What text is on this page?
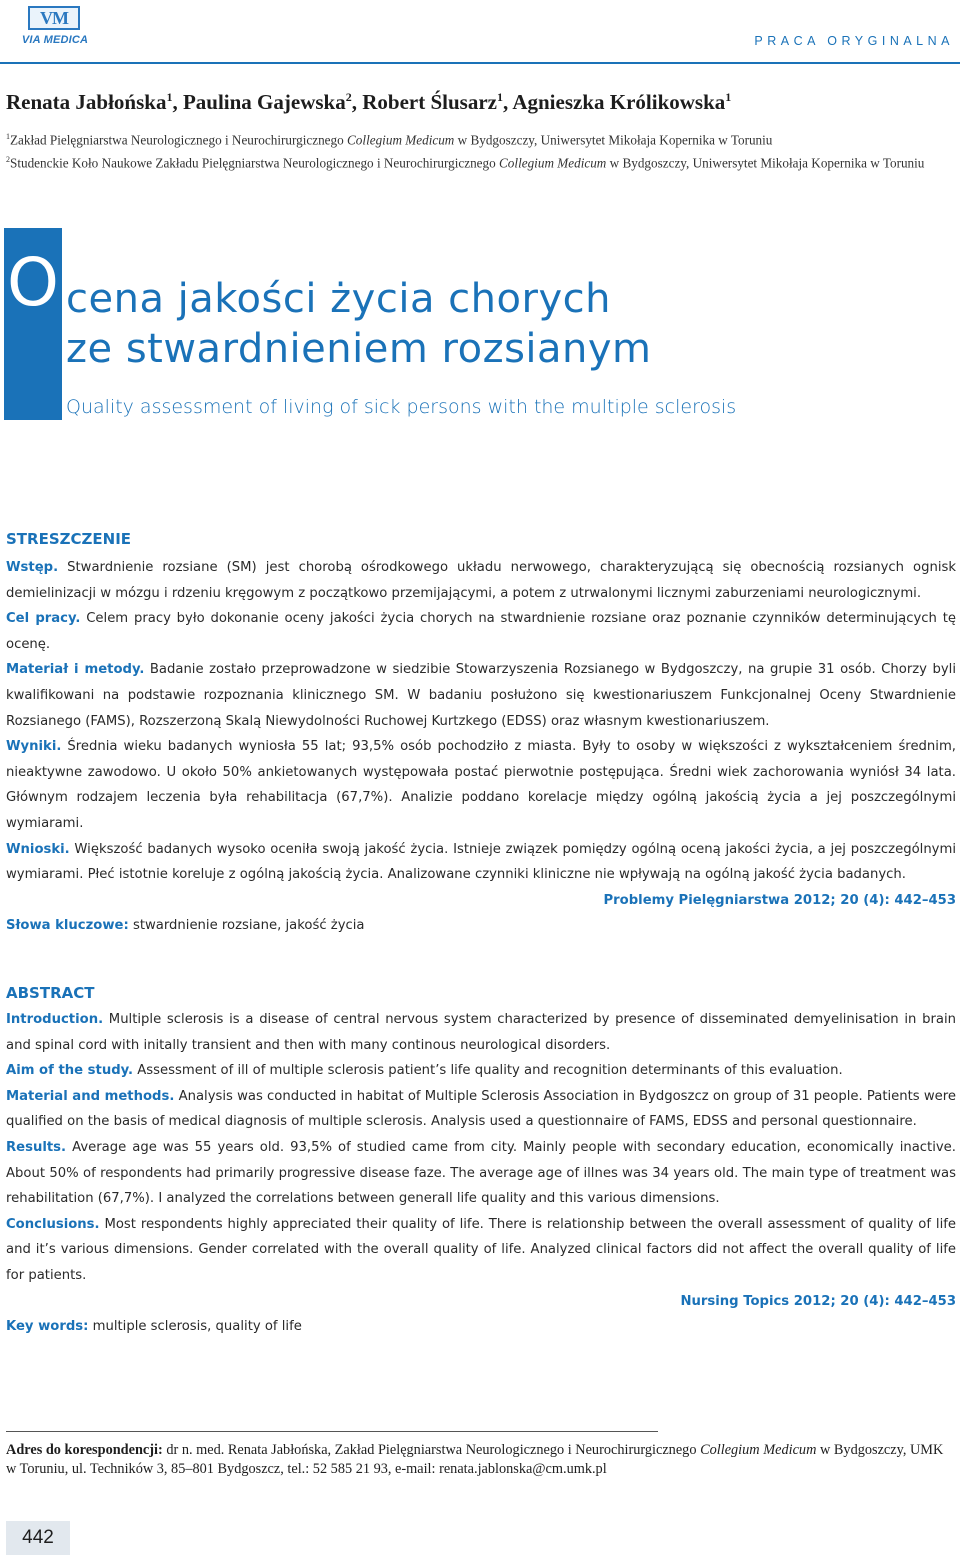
VM
VIA MEDICA	PRACA ORYGINALNA
Renata Jabłońska$^1$, Paulina Gajewska$^2$, Robert Ślusarz$^1$, Agnieszka Królikowska$^1$
$^1$Zakład Pielęgniarstwa Neurologicznego i Neurochirurgicznego Collegium Medicum w Bydgoszczy, Uniwersytet Mikołaja Kopernika w Toruniu
$^2$Studenckie Koło Naukowe Zakładu Pielęgniarstwa Neurologicznego i Neurochirurgicznego Collegium Medicum w Bydgoszczy, Uniwersytet Mikołaja Kopernika w Toruniu
O cena jakości życia chorych
ze stwardnieniem rozsianym
Quality assessment of living of sick persons with the multiple sclerosis
STRESZCZENIE

Wstęp. Stwardnienie rozsiane (SM) jest chorobą ośrodkowego układu nerwowego, charakteryzującą się obecnością rozsianych ognisk demielinizacji w mózgu i rdzeniu kręgowym z początkowo przemijającymi, a potem z utrwalonymi licznymi zaburzeniami neurologicznymi.

Cel pracy. Celem pracy było dokonanie oceny jakości życia chorych na stwardnienie rozsiane oraz poznanie czynników determinujących tę ocenę.

Materiał i metody. Badanie zostało przeprowadzone w siedzibie Stowarzyszenia Rozsianego w Bydgoszczy, na grupie 31 osób. Chorzy byli kwalifikowani na podstawie rozpoznania klinicznego SM. W badaniu posłużono się kwestionariuszem Funkcjonalnej Oceny Stwardnienie Rozsianego (FAMS), Rozszerzoną Skalą Niewydolności Ruchowej Kurtzkego (EDSS) oraz własnym kwestionariuszem.

Wyniki. Średnia wieku badanych wyniosła 55 lat; 93,5% osób pochodziło z miasta. Były to osoby w większości z wykształceniem średnim, nieaktywne zawodowo. U około 50% ankietowanych występowała postać pierwotnie postępująca. Średni wiek zachorowania wyniósł 34 lata. Głównym rodzajem leczenia była rehabilitacja (67,7%). Analizie poddano korelacje między ogólną jakością życia a jej poszczególnymi wymiarami.

Wnioski. Większość badanych wysoko oceniła swoją jakość życia. Istnieje związek pomiędzy ogólną oceną jakości życia, a jej poszczególnymi wymiarami. Płeć istotnie koreluje z ogólną jakością życia. Analizowane czynniki kliniczne nie wpływają na ogólną jakość życia badanych.

Problemy Pielęgniarstwa 2012; 20 (4): 442–453

Słowa kluczowe: stwardnienie rozsiane, jakość życia

ABSTRACT

Introduction. Multiple sclerosis is a disease of central nervous system characterized by presence of disseminated demyelinisation in brain and spinal cord with initally transient and then with many continous neurological disorders.

Aim of the study. Assessment of ill of multiple sclerosis patient’s life quality and recognition determinants of this evaluation.

Material and methods. Analysis was conducted in habitat of Multiple Sclerosis Association in Bydgoszcz on group of 31 people. Patients were qualified on the basis of medical diagnosis of multiple sclerosis. Analysis used a questionnaire of FAMS, EDSS and personal questionnaire.

Results. Average age was 55 years old. 93,5% of studied came from city. Mainly people with secondary education, economically inactive. About 50% of respondents had primarily progressive disease faze. The average age of illnes was 34 years old. The main type of treatment was rehabilitation (67,7%). I analyzed the correlations between generall life quality and this various dimensions.

Conclusions. Most respondents highly appreciated their quality of life. There is relationship between the overall assessment of quality of life and it’s various dimensions. Gender correlated with the overall quality of life. Analyzed clinical factors did not affect the overall quality of life for patients.

Nursing Topics 2012; 20 (4): 442–453

Key words: multiple sclerosis, quality of life

Adres do korespondencji: dr n. med. Renata Jabłońska, Zakład Pielęgniarstwa Neurologicznego i Neurochirurgicznego Collegium Medicum w Bydgoszczy, UMK w Toruniu, ul. Techników 3, 85–801 Bydgoszcz, tel.: 52 585 21 93, e-mail: renata.jablonska@cm.umk.pl
442
